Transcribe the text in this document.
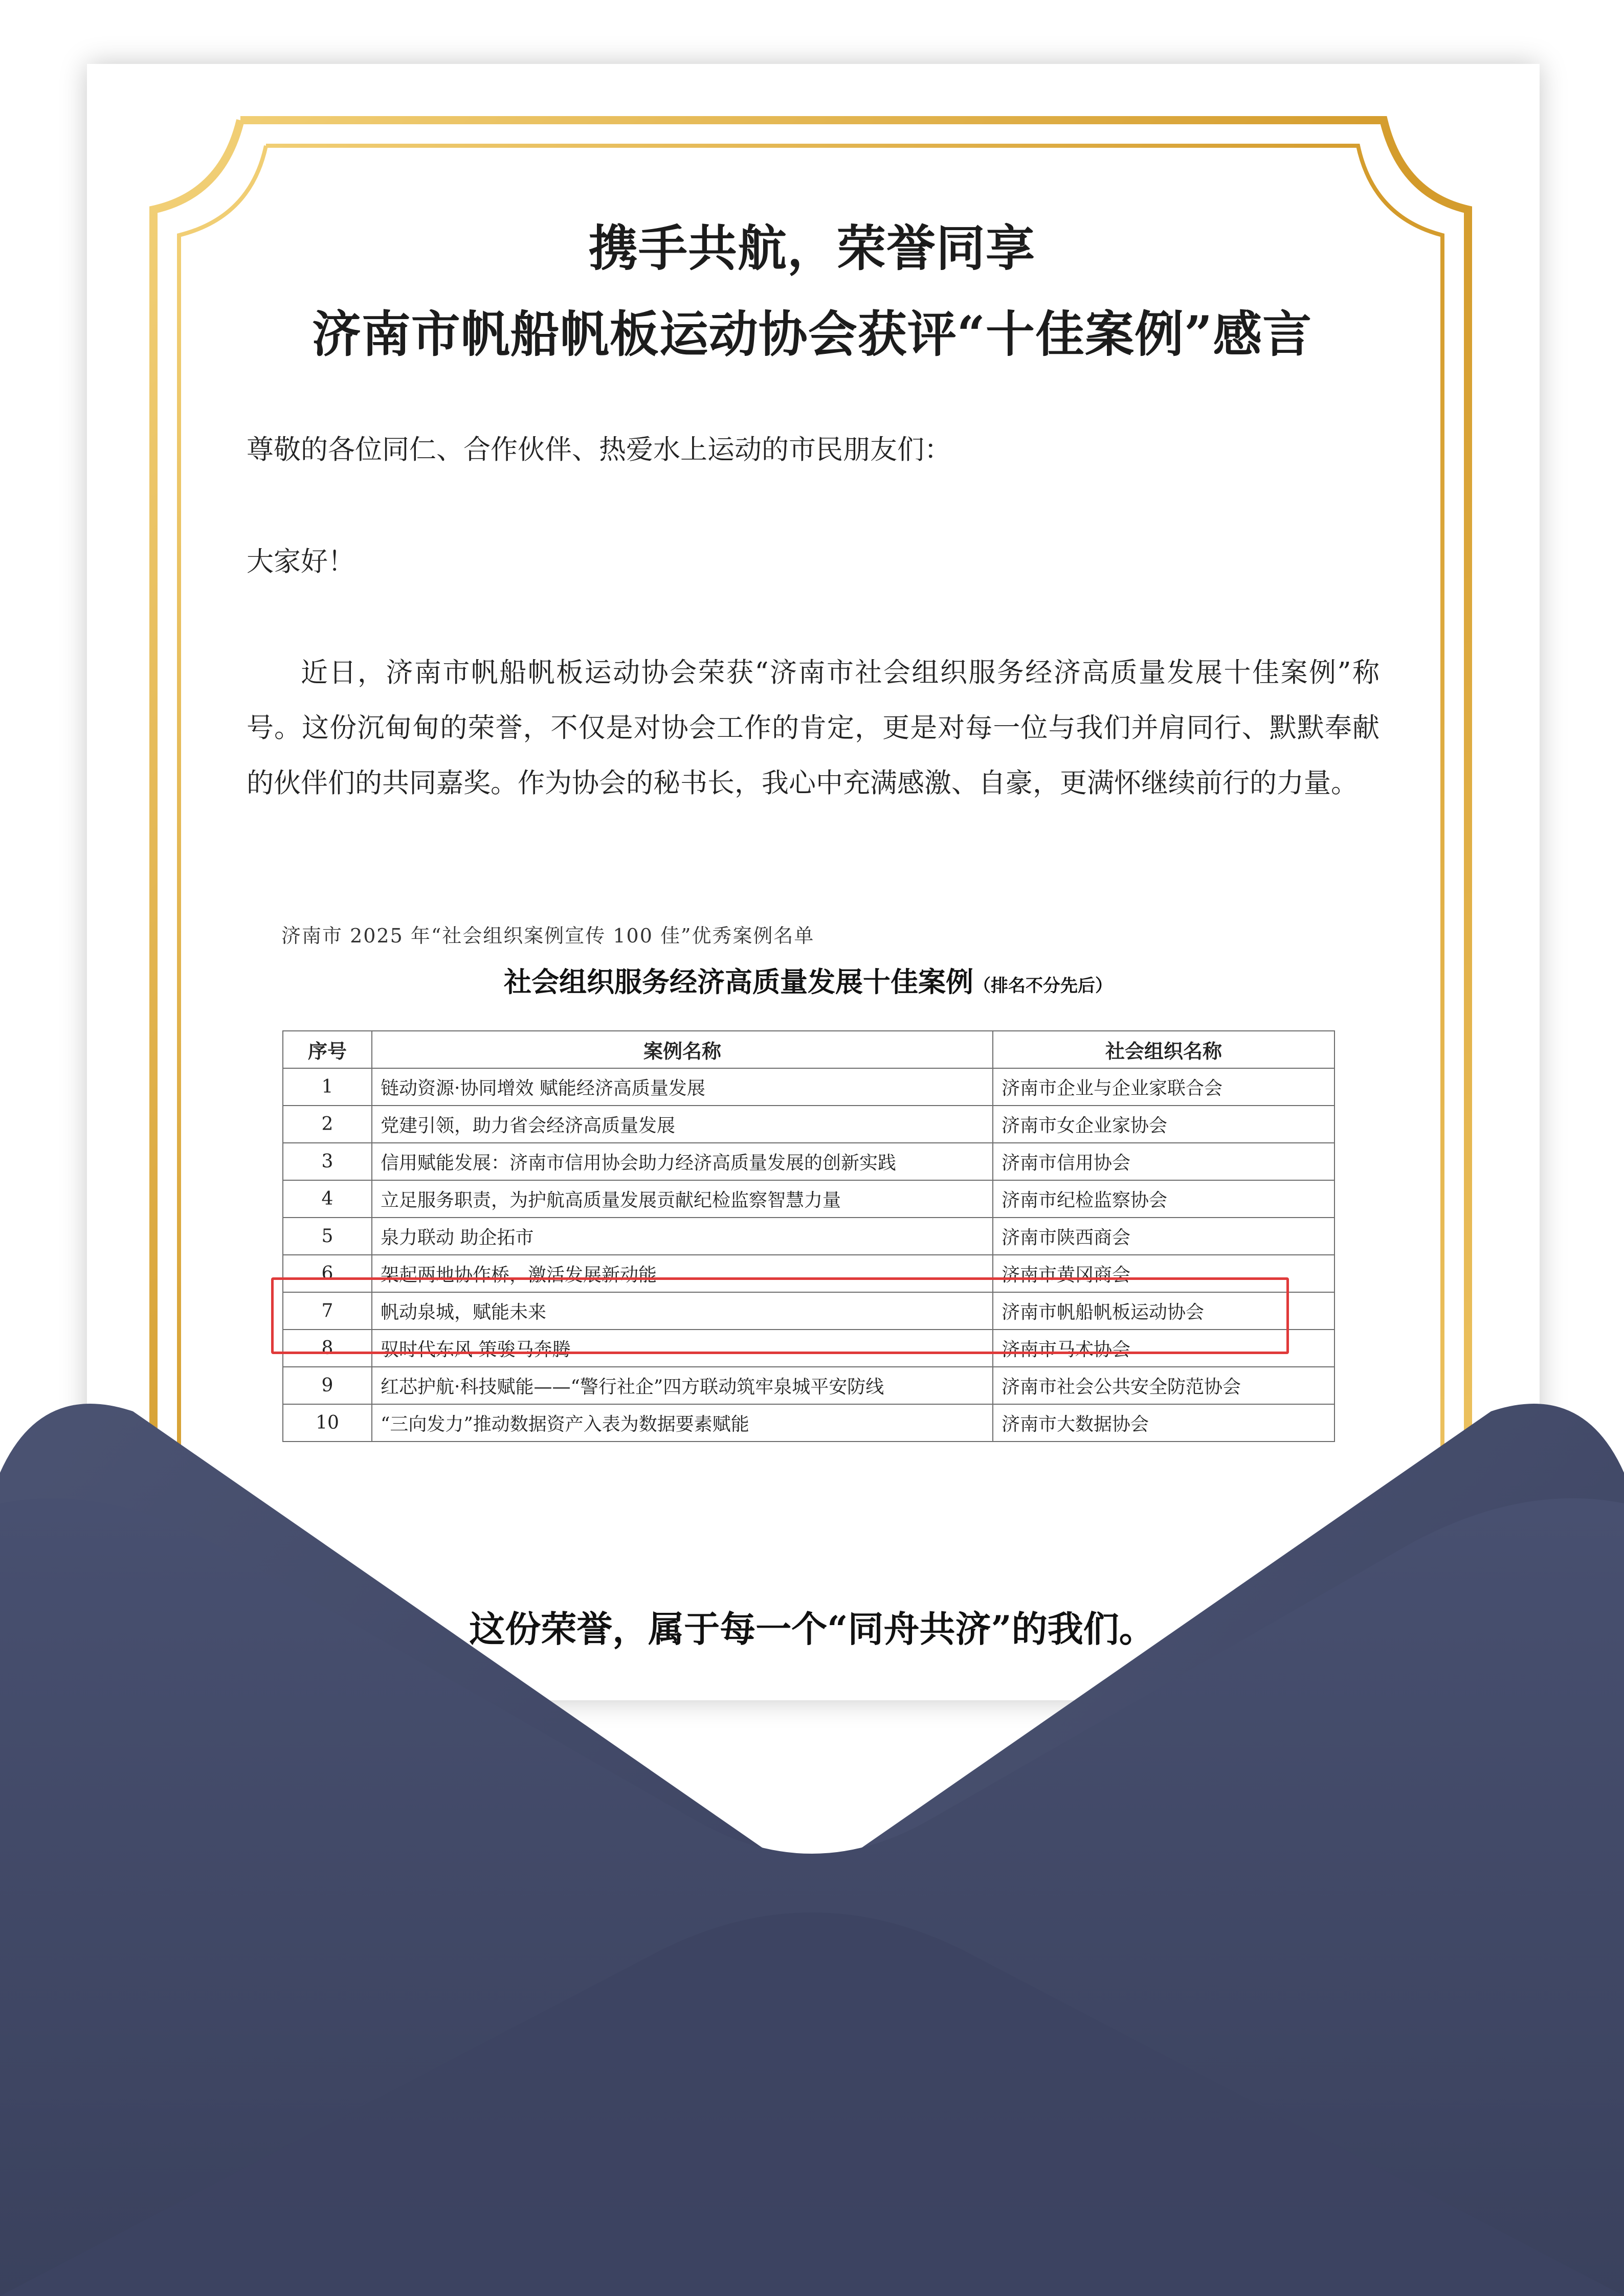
携手共航，荣誉同享
济南市帆船帆板运动协会获评“十佳案例”感言

尊敬的各位同仁、合作伙伴、热爱水上运动的市民朋友们：

大家好！

近日，济南市帆船帆板运动协会荣获“济南市社会组织服务经济高质量发展十佳案例”称号。这份沉甸甸的荣誉，不仅是对协会工作的肯定，更是对每一位与我们并肩同行、默默奉献的伙伴们的共同嘉奖。作为协会的秘书长，我心中充满感激、自豪，更满怀继续前行的力量。

济南市 2025 年“社会组织案例宣传 100 佳”优秀案例名单
社会组织服务经济高质量发展十佳案例（排名不分先后）
序号	案例名称	社会组织名称
1	链动资源·协同增效 赋能经济高质量发展	济南市企业与企业家联合会
2	党建引领，助力省会经济高质量发展	济南市女企业家协会
3	信用赋能发展：济南市信用协会助力经济高质量发展的创新实践	济南市信用协会
4	立足服务职责，为护航高质量发展贡献纪检监察智慧力量	济南市纪检监察协会
5	泉力联动 助企拓市	济南市陕西商会
6	架起两地协作桥，激活发展新动能	济南市黄冈商会
7	帆动泉城，赋能未来	济南市帆船帆板运动协会
8	驭时代东风 策骏马奔腾	济南市马术协会
9	红芯护航·科技赋能——“警行社企”四方联动筑牢泉城平安防线	济南市社会公共安全防范协会
10	“三向发力”推动数据资产入表为数据要素赋能	济南市大数据协会

这份荣誉，属于每一个“同舟共济”的我们。
